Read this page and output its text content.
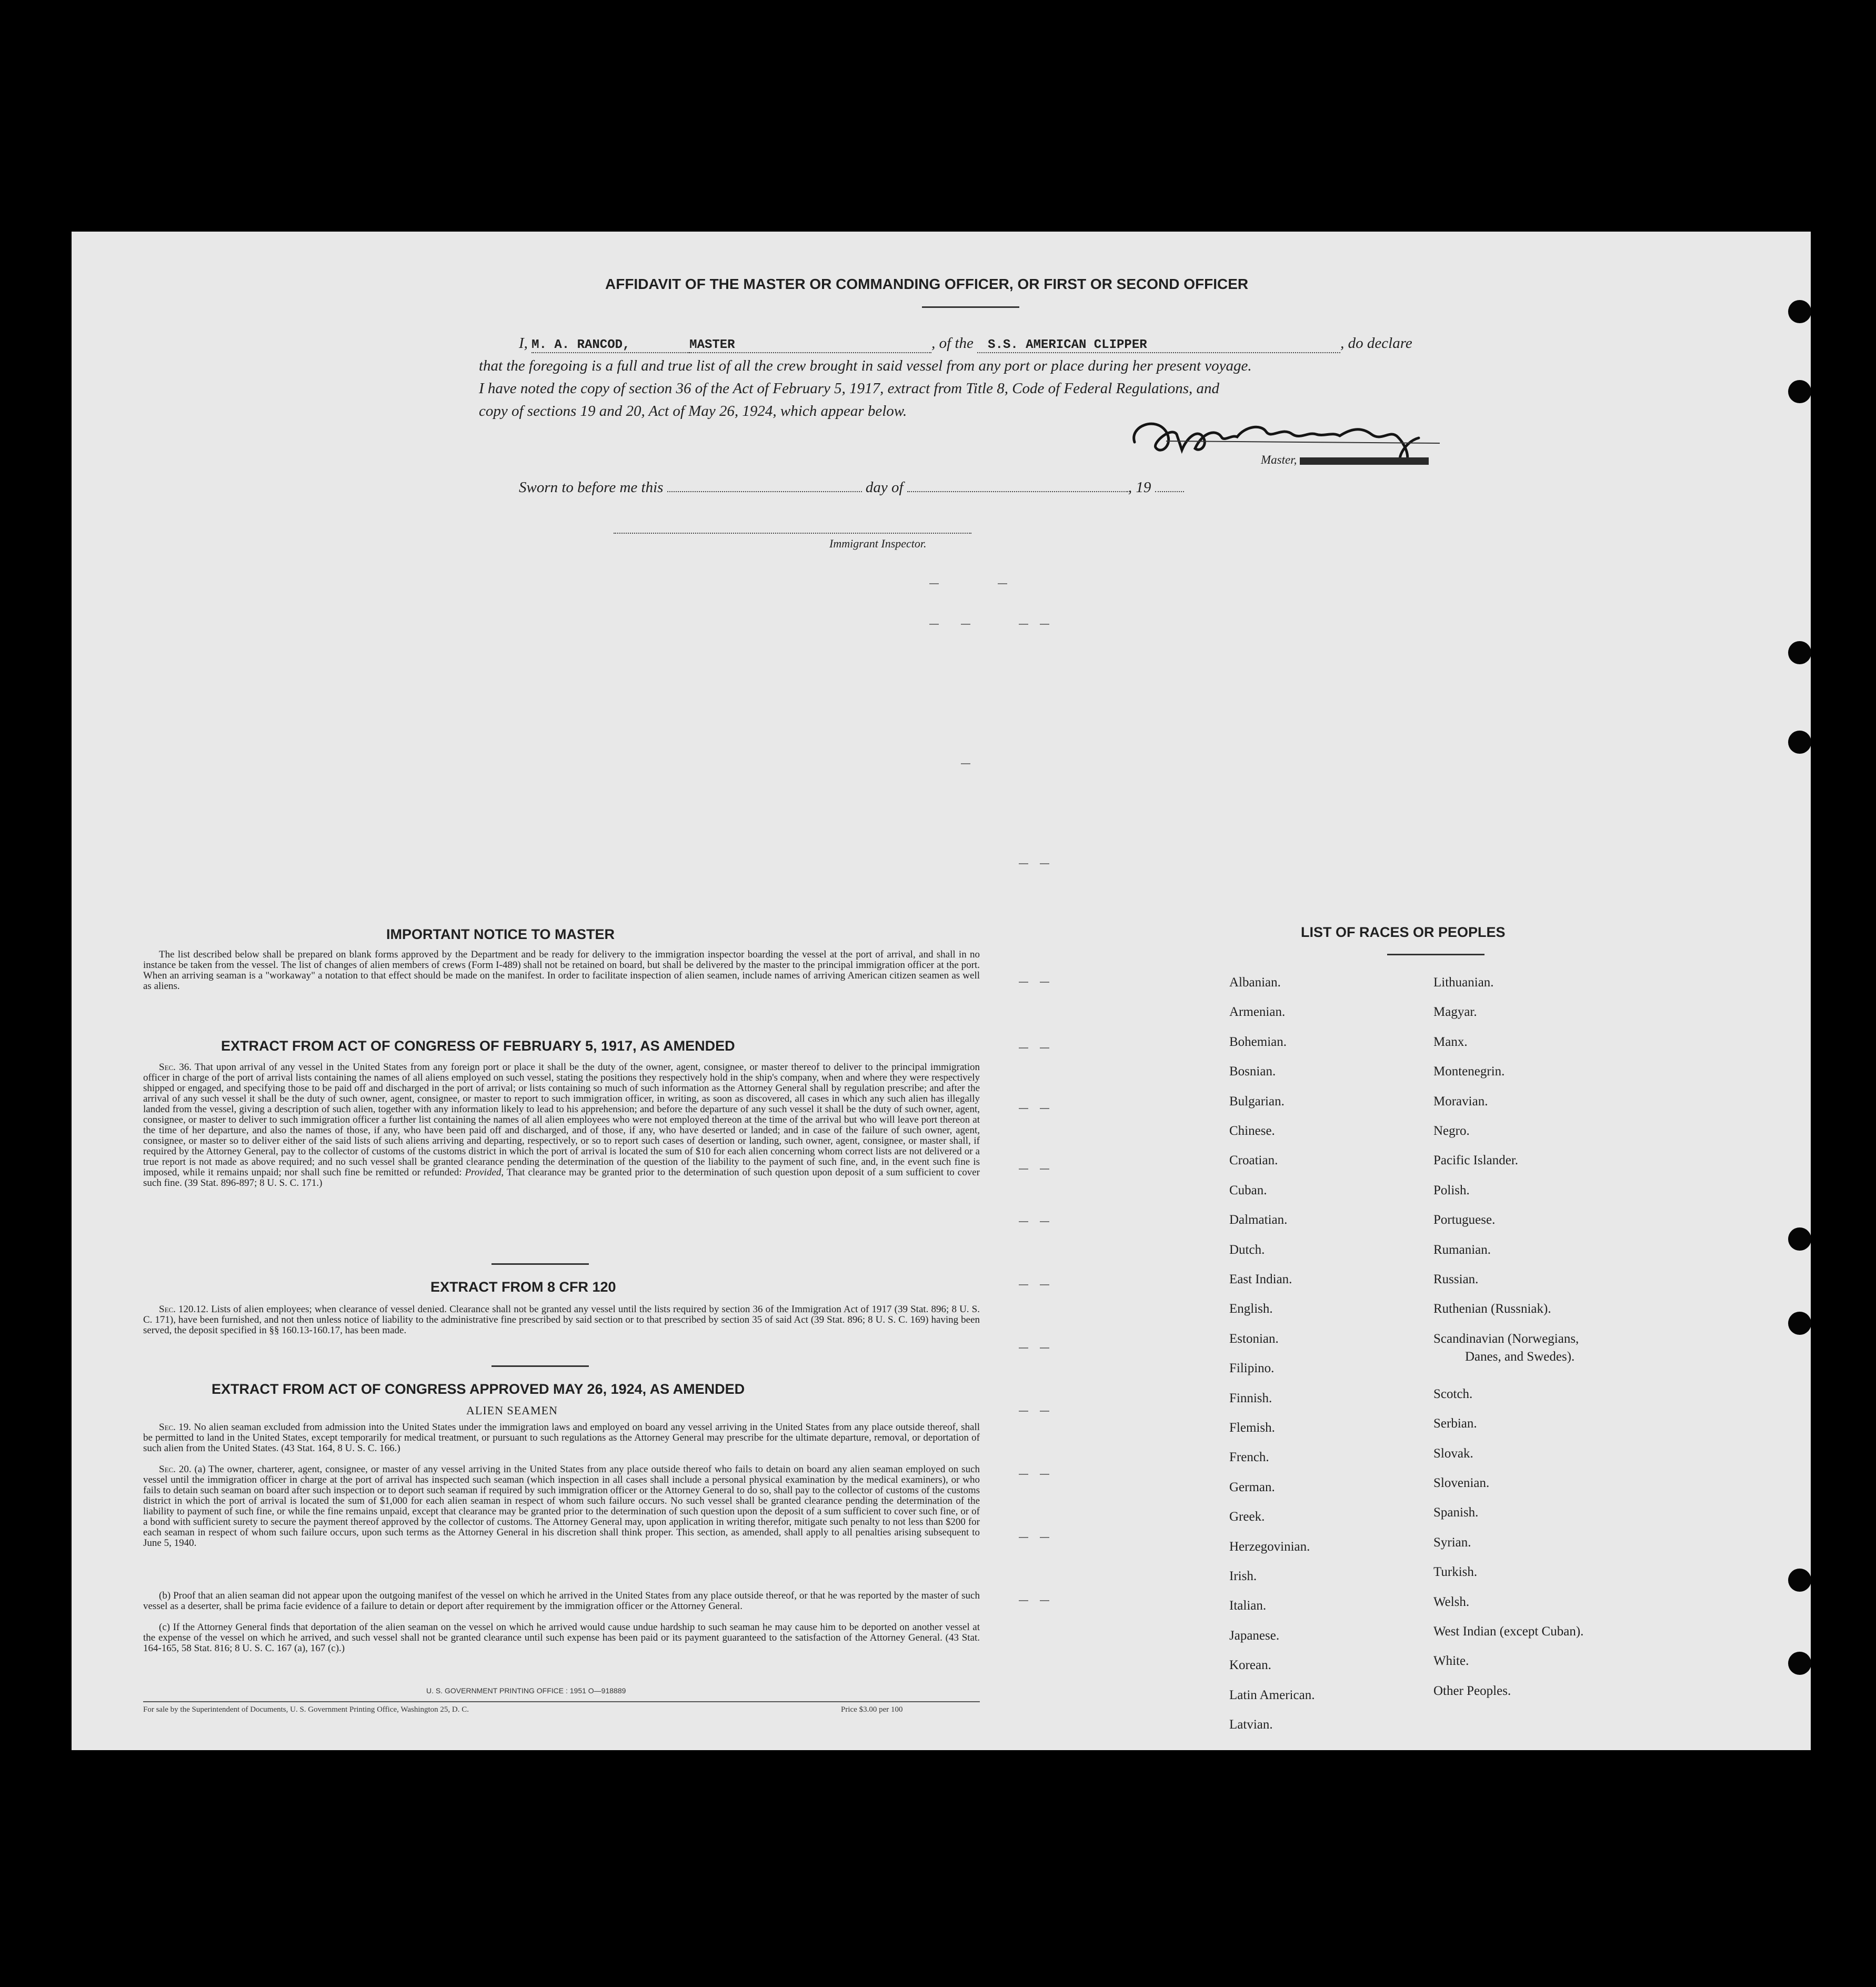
AFFIDAVIT OF THE MASTER OR COMMANDING OFFICER, OR FIRST OR SECOND OFFICER
I, M. A. RANCOD,	MASTER	, of the S.S. AMERICAN CLIPPER	, do declare
that the foregoing is a full and true list of all the crew brought in said vessel from any port or place during her present voyage.
I have noted the copy of section 36 of the Act of February 5, 1917, extract from Title 8, Code of Federal Regulations, and
copy of sections 19 and 20, Act of May 26, 1924, which appear below.
Master,
Sworn to before me this	day of	, 19
Immigrant Inspector.
IMPORTANT NOTICE TO MASTER

The list described below shall be prepared on blank forms approved by the Department and be ready for delivery to the immigration inspector boarding the vessel at the port of arrival, and shall in no instance be taken from the vessel. The list of changes of alien members of crews (Form I-489) shall not be retained on board, but shall be delivered by the master to the principal immigration officer at the port. When an arriving seaman is a "workaway" a notation to that effect should be made on the manifest. In order to facilitate inspection of alien seamen, include names of arriving American citizen seamen as well as aliens.

EXTRACT FROM ACT OF CONGRESS OF FEBRUARY 5, 1917, AS AMENDED

Sec. 36. That upon arrival of any vessel in the United States from any foreign port or place it shall be the duty of the owner, agent, consignee, or master thereof to deliver to the principal immigration officer in charge of the port of arrival lists containing the names of all aliens employed on such vessel, stating the positions they respectively hold in the ship's company, when and where they were respectively shipped or engaged, and specifying those to be paid off and discharged in the port of arrival; or lists containing so much of such information as the Attorney General shall by regulation prescribe; and after the arrival of any such vessel it shall be the duty of such owner, agent, consignee, or master to report to such immigration officer, in writing, as soon as discovered, all cases in which any such alien has illegally landed from the vessel, giving a description of such alien, together with any information likely to lead to his apprehension; and before the departure of any such vessel it shall be the duty of such owner, agent, consignee, or master to deliver to such immigration officer a further list containing the names of all alien employees who were not employed thereon at the time of the arrival but who will leave port thereon at the time of her departure, and also the names of those, if any, who have been paid off and discharged, and of those, if any, who have deserted or landed; and in case of the failure of such owner, agent, consignee, or master so to deliver either of the said lists of such aliens arriving and departing, respectively, or so to report such cases of desertion or landing, such owner, agent, consignee, or master shall, if required by the Attorney General, pay to the collector of customs of the customs district in which the port of arrival is located the sum of $10 for each alien concerning whom correct lists are not delivered or a true report is not made as above required; and no such vessel shall be granted clearance pending the determination of the question of the liability to the payment of such fine, and, in the event such fine is imposed, while it remains unpaid; nor shall such fine be remitted or refunded: Provided, That clearance may be granted prior to the determination of such question upon deposit of a sum sufficient to cover such fine. (39 Stat. 896-897; 8 U. S. C. 171.)

EXTRACT FROM 8 CFR 120

Sec. 120.12. Lists of alien employees; when clearance of vessel denied. Clearance shall not be granted any vessel until the lists required by section 36 of the Immigration Act of 1917 (39 Stat. 896; 8 U. S. C. 171), have been furnished, and not then unless notice of liability to the administrative fine prescribed by said section or to that prescribed by section 35 of said Act (39 Stat. 896; 8 U. S. C. 169) having been served, the deposit specified in §§ 160.13-160.17, has been made.

EXTRACT FROM ACT OF CONGRESS APPROVED MAY 26, 1924, AS AMENDED
ALIEN SEAMEN

Sec. 19. No alien seaman excluded from admission into the United States under the immigration laws and employed on board any vessel arriving in the United States from any place outside thereof, shall be permitted to land in the United States, except temporarily for medical treatment, or pursuant to such regulations as the Attorney General may prescribe for the ultimate departure, removal, or deportation of such alien from the United States. (43 Stat. 164, 8 U. S. C. 166.)

Sec. 20. (a) The owner, charterer, agent, consignee, or master of any vessel arriving in the United States from any place outside thereof who fails to detain on board any alien seaman employed on such vessel until the immigration officer in charge at the port of arrival has inspected such seaman (which inspection in all cases shall include a personal physical examination by the medical examiners), or who fails to detain such seaman on board after such inspection or to deport such seaman if required by such immigration officer or the Attorney General to do so, shall pay to the collector of customs of the customs district in which the port of arrival is located the sum of $1,000 for each alien seaman in respect of whom such failure occurs. No such vessel shall be granted clearance pending the determination of the liability to payment of such fine, or while the fine remains unpaid, except that clearance may be granted prior to the determination of such question upon the deposit of a sum sufficient to cover such fine, or of a bond with sufficient surety to secure the payment thereof approved by the collector of customs. The Attorney General may, upon application in writing therefor, mitigate such penalty to not less than $200 for each seaman in respect of whom such failure occurs, upon such terms as the Attorney General in his discretion shall think proper. This section, as amended, shall apply to all penalties arising subsequent to June 5, 1940.

(b) Proof that an alien seaman did not appear upon the outgoing manifest of the vessel on which he arrived in the United States from any place outside thereof, or that he was reported by the master of such vessel as a deserter, shall be prima facie evidence of a failure to detain or deport after requirement by the immigration officer or the Attorney General.

(c) If the Attorney General finds that deportation of the alien seaman on the vessel on which he arrived would cause undue hardship to such seaman he may cause him to be deported on another vessel at the expense of the vessel on which he arrived, and such vessel shall not be granted clearance until such expense has been paid or its payment guaranteed to the satisfaction of the Attorney General. (43 Stat. 164-165, 58 Stat. 816; 8 U. S. C. 167 (a), 167 (c).)

U. S. GOVERNMENT PRINTING OFFICE : 1951 O—918889
For sale by the Superintendent of Documents, U. S. Government Printing Office, Washington 25, D. C.	Price $3.00 per 100
LIST OF RACES OR PEOPLES
Albanian.
Armenian.
Bohemian.
Bosnian.
Bulgarian.
Chinese.
Croatian.
Cuban.
Dalmatian.
Dutch.
East Indian.
English.
Estonian.
Filipino.
Finnish.
Flemish.
French.
German.
Greek.
Herzegovinian.
Irish.
Italian.
Japanese.
Korean.
Latin American.
Latvian.
Lithuanian.
Magyar.
Manx.
Montenegrin.
Moravian.
Negro.
Pacific Islander.
Polish.
Portuguese.
Rumanian.
Russian.
Ruthenian (Russniak).
Scandinavian (Norwegians,
Danes, and Swedes).
Scotch.
Serbian.
Slovak.
Slovenian.
Spanish.
Syrian.
Turkish.
Welsh.
West Indian (except Cuban).
White.
Other Peoples.
